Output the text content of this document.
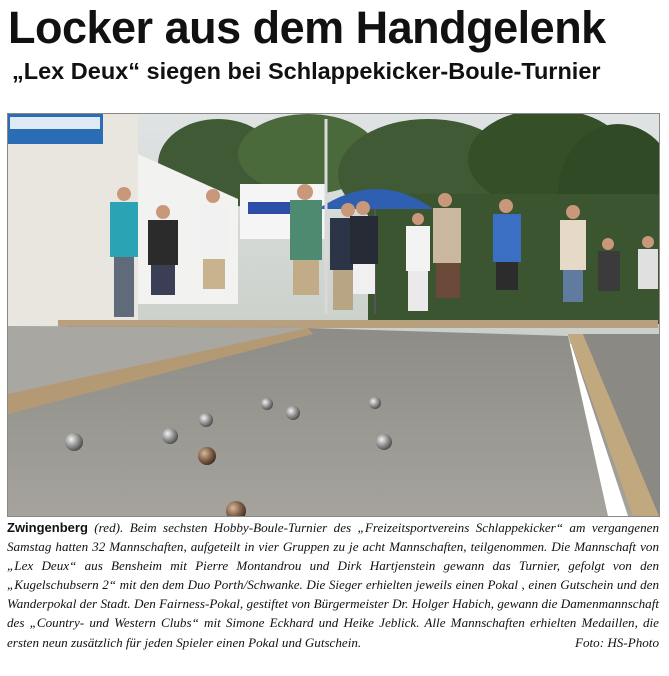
Locker aus dem Handgelenk
„Lex Deux“ siegen bei Schlappekicker-Boule-Turnier
Zwingenberg (red). Beim sechsten Hobby-Boule-Turnier des „Freizeitsportvereins Schlappekicker“ am vergangenen Samstag hatten 32 Mannschaften, aufgeteilt in vier Gruppen zu je acht Mannschaften, teilgenommen. Die Mannschaft von „Lex Deux“ aus Bensheim mit Pierre Montandrou und Dirk Hartjenstein gewann das Turnier, gefolgt von den „Kugelschubsern 2“ mit den dem Duo Porth/Schwanke. Die Sieger erhielten jeweils einen Pokal , einen Gutschein und den Wanderpokal der Stadt. Den Fairness-Pokal, gestiftet von Bürgermeister Dr. Holger Habich, gewann die Damenmannschaft des „Country- und Western Clubs“ mit Simone Eckhard und Heike Jeblick. Alle Mannschaften erhielten Medaillen, die ersten neun zusätzlich für jeden Spieler einen Pokal und Gutschein.	Foto: HS-Photo
